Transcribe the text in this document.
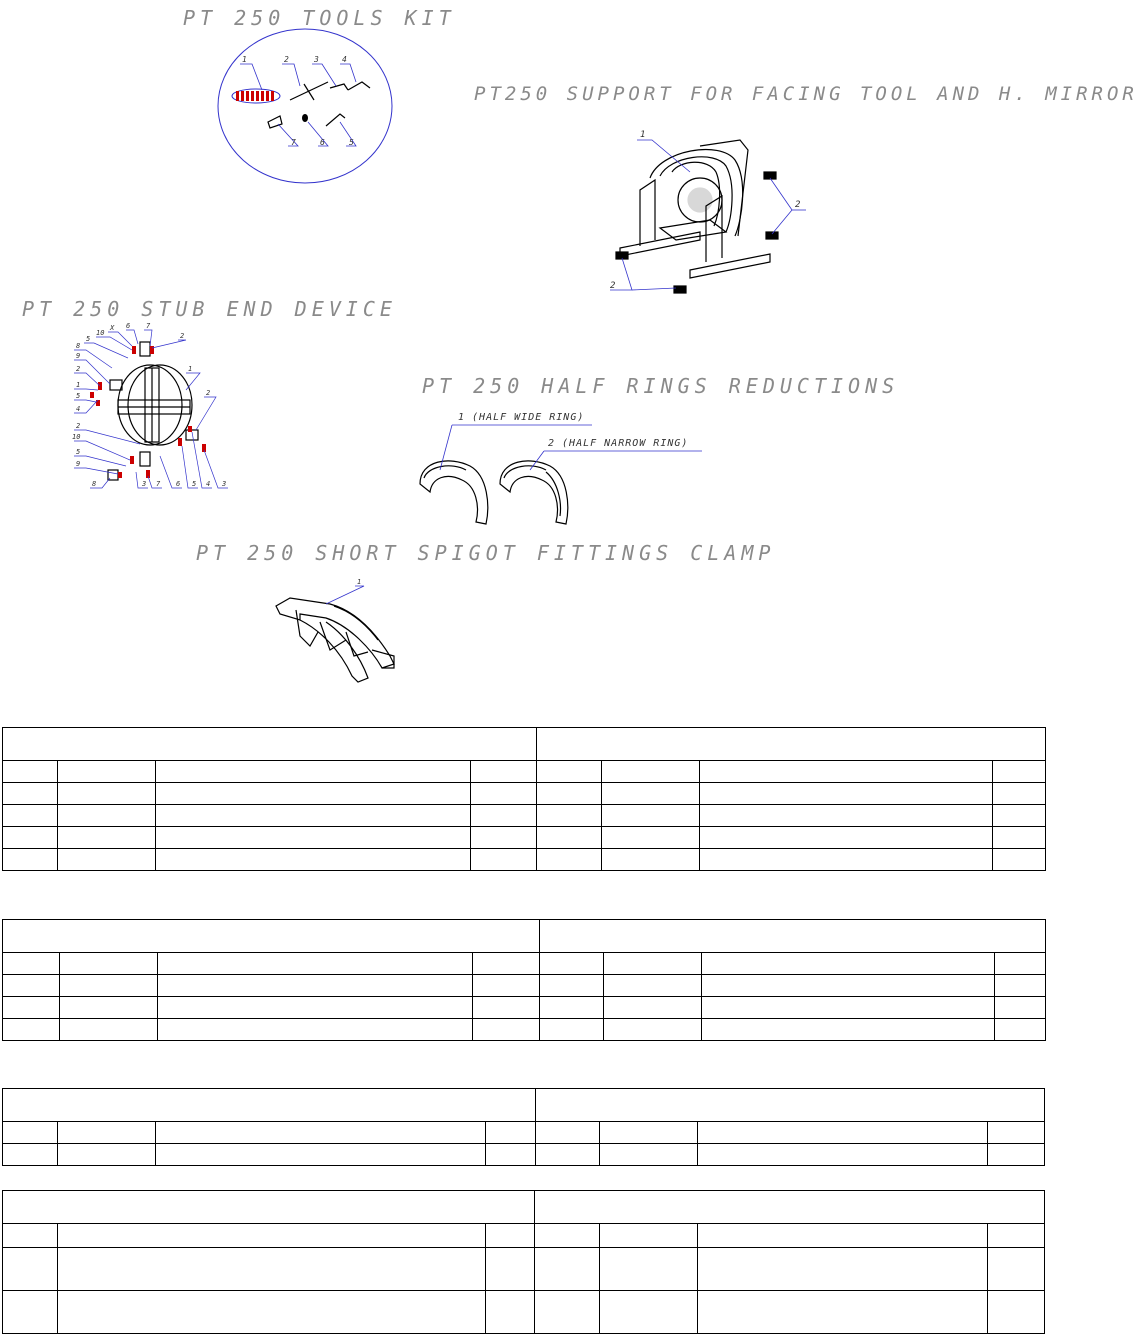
PT 250 TOOLS KIT
PT250 SUPPORT FOR FACING TOOL AND H. MIRROR
PT 250 STUB END DEVICE
PT 250 HALF RINGS REDUCTIONS
PT 250 SHORT SPIGOT FITTINGS CLAMP
1	2	3	4
5
6
7
1
2
2
10
X 6 7
5	2
8
9
2
1
5
4
1
2
2
10
5
9
8	3 7 6 5 4 3
1
1 (HALF WIDE RING)
2 (HALF NARROW RING)
